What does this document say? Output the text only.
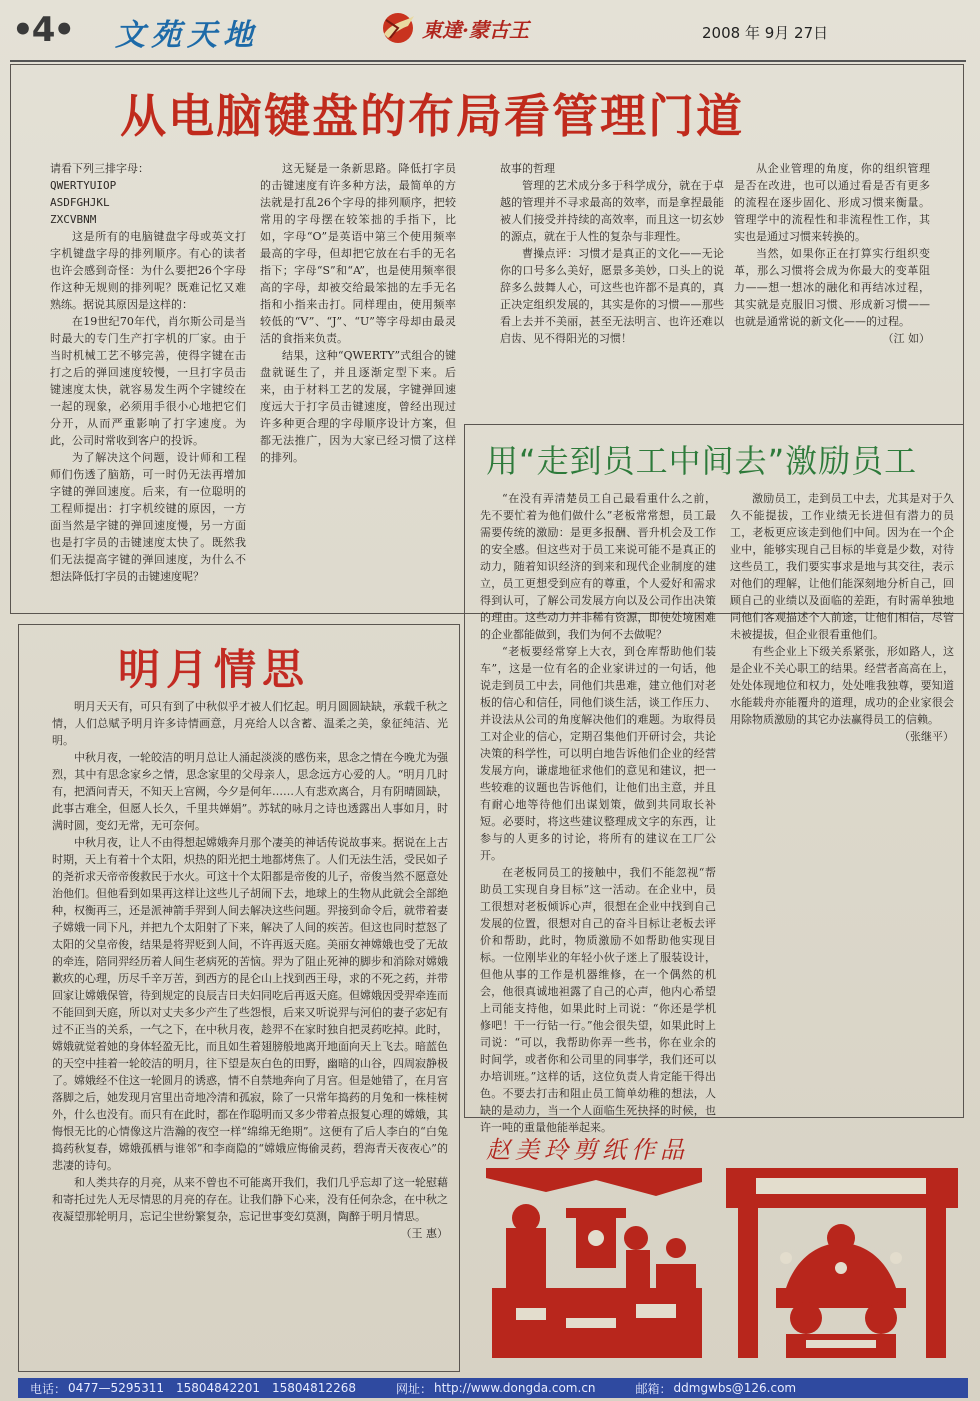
•4• 文苑天地	東達·蒙古王	2008 年 9月 27日
从电脑键盘的布局看管理门道

请看下列三排字母：

QWERTYUIOP

ASDFGHJKL

ZXCVBNM

这是所有的电脑键盘字母或英文打字机键盘字母的排列顺序。有心的读者也许会感到奇怪：为什么要把26个字母作这种无规则的排列呢？既难记忆又难熟练。据说其原因是这样的：

在19世纪70年代，肖尔斯公司是当时最大的专门生产打字机的厂家。由于当时机械工艺不够完善，使得字键在击打之后的弹回速度较慢，一旦打字员击键速度太快，就容易发生两个字键绞在一起的现象，必须用手很小心地把它们分开，从而严重影响了打字速度。为此，公司时常收到客户的投诉。

为了解决这个问题，设计师和工程师们伤透了脑筋，可一时仍无法再增加字键的弹回速度。后来，有一位聪明的工程师提出：打字机绞键的原因，一方面当然是字键的弹回速度慢，另一方面也是打字员的击键速度太快了。既然我们无法提高字键的弹回速度，为什么不想法降低打字员的击键速度呢？

这无疑是一条新思路。降低打字员的击键速度有许多种方法，最简单的方法就是打乱26个字母的排列顺序，把较常用的字母摆在较笨拙的手指下，比如，字母“O”是英语中第三个使用频率最高的字母，但却把它放在右手的无名指下；字母“S”和“A”，也是使用频率很高的字母，却被交给最笨拙的左手无名指和小指来击打。同样理由，使用频率较低的“V”、“J”、“U”等字母却由最灵活的食指来负责。

结果，这种“QWERTY”式组合的键盘就诞生了，并且逐渐定型下来。后来，由于材料工艺的发展，字键弹回速度远大于打字员击键速度，曾经出现过许多种更合理的字母顺序设计方案，但都无法推广，因为大家已经习惯了这样的排列。

故事的哲理

管理的艺术成分多于科学成分，就在于卓越的管理并不寻求最高的效率，而是拿捏最能被人们接受并持续的高效率，而且这一切玄妙的源点，就在于人性的复杂与非理性。

曹操点评：习惯才是真正的文化——无论你的口号多么美好，愿景多美妙，口头上的说辞多么鼓舞人心，可这些也许都不是真的，真正决定组织发展的，其实是你的习惯——那些看上去并不美丽，甚至无法明言、也许还难以启齿、见不得阳光的习惯！

从企业管理的角度，你的组织管理是否在改进，也可以通过看是否有更多的流程在逐步固化、形成习惯来衡量。管理学中的流程性和非流程性工作，其实也是通过习惯来转换的。

当然，如果你正在打算实行组织变革，那么习惯将会成为你最大的变革阻力——想一想冰的融化和再结冰过程，其实就是克服旧习惯、形成新习惯——也就是通常说的新文化——的过程。

（江 如）
用“走到员工中间去”激励员工

“在没有弄清楚员工自己最看重什么之前，先不要忙着为他们做什么”老板常常想，员工最需要传统的激励：是更多报酬、晋升机会及工作的安全感。但这些对于员工来说可能不是真正的动力，随着知识经济的到来和现代企业制度的建立，员工更想受到应有的尊重，个人爱好和需求得到认可，了解公司发展方向以及公司作出决策的理由。这些动力并非稀有资源，即使处境困难的企业都能做到，我们为何不去做呢？

“老板要经常穿上大衣，到仓库帮助他们装车”，这是一位有名的企业家讲过的一句话，他说走到员工中去，同他们共患难，建立他们对老板的信心和信任，同他们谈生活，谈工作压力、并设法从公司的角度解决他们的难题。为取得员工对企业的信心，定期召集他们开研讨会，共论决策的科学性，可以明白地告诉他们企业的经营发展方向，谦虚地征求他们的意见和建议，把一些较难的议题也告诉他们，让他们出主意，并且有耐心地等待他们出谋划策，做到共同取长补短。必要时，将这些建议整理成文字的东西，让参与的人更多的讨论，将所有的建议在工厂公开。

在老板同员工的接触中，我们不能忽视“帮助员工实现自身目标”这一活动。在企业中，员工很想对老板倾诉心声，很想在企业中找到自己发展的位置，很想对自己的奋斗目标让老板去评价和帮助，此时，物质激励不如帮助他实现目标。一位刚毕业的年轻小伙子迷上了服装设计，但他从事的工作是机器维修，在一个偶然的机会，他很真诚地袒露了自己的心声，他内心希望上司能支持他，如果此时上司说：“你还是学机修吧！干一行钻一行。”他会很失望，如果此时上司说：“可以，我帮助你弄一些书，你在业余的时间学，或者你和公司里的同事学，我们还可以办培训班。”这样的话，这位负责人肯定能干得出色。不要去打击和阻止员工简单幼稚的想法，人缺的是动力，当一个人面临生死抉择的时候，也许一吨的重量他能举起来。

激励员工，走到员工中去，尤其是对于久久不能提拔，工作业绩无长进但有潜力的员工，老板更应该走到他们中间。因为在一个企业中，能够实现自己目标的毕竟是少数，对待这些员工，我们要实事求是地与其交往，表示对他们的理解，让他们能深刻地分析自己，回顾自己的业绩以及面临的差距，有时需单独地同他们客观描述个人前途，让他们相信，尽管未被提拔，但企业很看重他们。

有些企业上下级关系紧张，形如路人，这是企业不关心职工的结果。经营者高高在上，处处体现地位和权力，处处唯我独尊，要知道水能载舟亦能覆舟的道理，成功的企业家很会用除物质激励的其它办法赢得员工的信赖。

（张继平）
明月情思

明月天天有，可只有到了中秋似乎才被人们忆起。明月圆圆缺缺，承载千秋之情，人们总赋予明月许多诗情画意，月亮给人以含蓄、温柔之美，象征纯洁、光明。

中秋月夜，一轮皎洁的明月总让人涌起淡淡的感伤来，思念之情在今晚尤为强烈，其中有思念家乡之情，思念家里的父母亲人，思念远方心爱的人。“明月几时有，把酒问青天，不知天上宫阙，今夕是何年……人有悲欢离合，月有阴晴圆缺，此事古难全，但愿人长久，千里共婵娟”。苏轼的咏月之诗也透露出人事如月，时满时圆，变幻无常，无可奈何。

中秋月夜，让人不由得想起嫦娥奔月那个凄美的神话传说故事来。据说在上古时期，天上有着十个太阳，炽热的阳光把土地都烤焦了。人们无法生活，受民如子的尧祈求天帝帝俊救民于水火。可这十个太阳都是帝俊的儿子，帝俊当然不愿意处治他们。但他看到如果再这样让这些儿子胡闹下去，地球上的生物从此就会全部绝种，权衡再三，还是派神箭手羿到人间去解决这些问题。羿接到命令后，就带着妻子嫦娥一同下凡，并把九个太阳射了下来，解决了人间的疾苦。但这也同时惹怒了太阳的父皇帝俊，结果是将羿贬到人间，不许再返天庭。美丽女神嫦娥也受了无故的牵连，陪同羿经历着人间生老病死的苦恼。羿为了阻止死神的脚步和消除对嫦娥歉疚的心理，历尽千辛万苦，到西方的昆仑山上找到西王母，求的不死之药，并带回家让嫦娥保管，待到规定的良辰吉日夫妇同吃后再返天庭。但嫦娥因受羿牵连而不能回到天庭，所以对丈夫多少产生了些怨恨，后来又听说羿与河伯的妻子宓妃有过不正当的关系，一气之下，在中秋月夜，趁羿不在家时独自把灵药吃掉。此时，嫦娥就觉着她的身体轻盈无比，而且如生着翅膀般地离开地面向天上飞去。暗蓝色的天空中挂着一轮皎洁的明月，往下望是灰白色的田野，幽暗的山谷，四周寂静极了。嫦娥经不住这一轮圆月的诱惑，情不自禁地奔向了月宫。但是她错了，在月宫落脚之后，她发现月宫里出奇地冷清和孤寂，除了一只常年捣药的月兔和一株桂树外，什么也没有。而只有在此时，都在作聪明而又多少带着点报复心理的嫦娥，其悔恨无比的心情像这片浩瀚的夜空一样“绵绵无绝期”。这便有了后人李白的“白兔捣药秋复春，嫦娥孤栖与谁邻”和李商隐的“嫦娥应悔偷灵药，碧海青天夜夜心”的悲凄的诗句。

和人类共存的月亮，从来不曾也不可能离开我们，我们几乎忘却了这一轮慰藉和寄托过先人无尽情思的月亮的存在。让我们静下心来，没有任何杂念，在中秋之夜凝望那轮明月，忘记尘世纷繁复杂，忘记世事变幻莫测，陶醉于明月情思。

（王 惠）
赵美玲剪纸作品
电话： 0477—5295311 15804842201 15804812268	网址： http://www.dongda.com.cn	邮箱： ddmgwbs@126.com
